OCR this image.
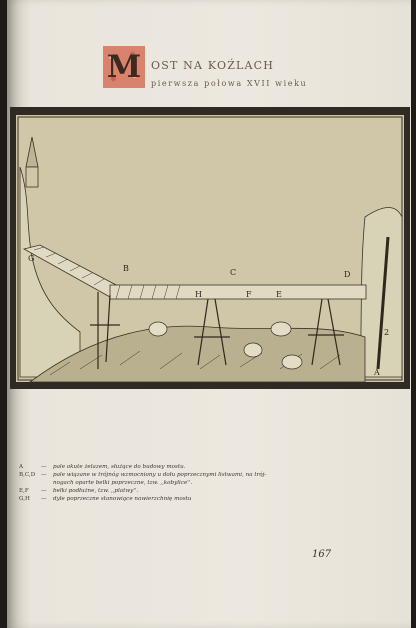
M OST NA KOŹLACH
pierwsza połowa XVII wieku
B	C	D
F	E
H
G
A
2
A	—	pale okute żelazem, służące do budowy mostu.
B,C,D	—	pale wiązane w trójnóg wzmocniony u dołu poprzecznymi listwami, na trój-
nogach oparte belki poprzeczne, tzw. ,,kobylice''.
E,F	—	belki podłużne, tzw. ,,platwy''.
G,H	—	dyle poprzeczne stanowiące nawierzchnię mostu
167
